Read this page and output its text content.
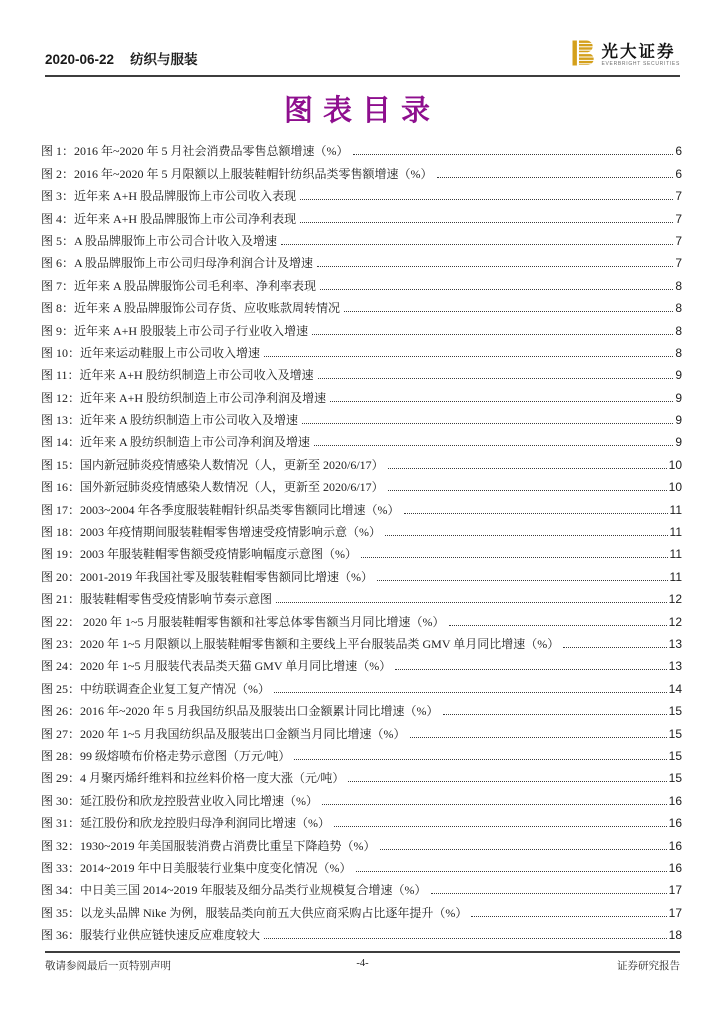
2020-06-22 纺织与服装	光大证券
EVERBRIGHT SECURITIES
图表目录
图 1：2016 年~2020 年 5 月社会消费品零售总额增速（%）	6
图 2：2016 年~2020 年 5 月限额以上服装鞋帽针纺织品类零售额增速（%）	6
图 3：近年来 A+H 股品牌服饰上市公司收入表现	7
图 4：近年来 A+H 股品牌服饰上市公司净利表现	7
图 5：A 股品牌服饰上市公司合计收入及增速	7
图 6：A 股品牌服饰上市公司归母净利润合计及增速	7
图 7：近年来 A 股品牌服饰公司毛利率、净利率表现	8
图 8：近年来 A 股品牌服饰公司存货、应收账款周转情况	8
图 9：近年来 A+H 股服装上市公司子行业收入增速	8
图 10：近年来运动鞋服上市公司收入增速	8
图 11：近年来 A+H 股纺织制造上市公司收入及增速	9
图 12：近年来 A+H 股纺织制造上市公司净利润及增速	9
图 13：近年来 A 股纺织制造上市公司收入及增速	9
图 14：近年来 A 股纺织制造上市公司净利润及增速	9
图 15：国内新冠肺炎疫情感染人数情况（人，更新至 2020/6/17）	10
图 16：国外新冠肺炎疫情感染人数情况（人，更新至 2020/6/17）	10
图 17：2003~2004 年各季度服装鞋帽针织品类零售额同比增速（%）	11
图 18：2003 年疫情期间服装鞋帽零售增速受疫情影响示意（%）	11
图 19：2003 年服装鞋帽零售额受疫情影响幅度示意图（%）	11
图 20：2001-2019 年我国社零及服装鞋帽零售额同比增速（%）	11
图 21：服装鞋帽零售受疫情影响节奏示意图	12
图 22： 2020 年 1~5 月服装鞋帽零售额和社零总体零售额当月同比增速（%）	12
图 23：2020 年 1~5 月限额以上服装鞋帽零售额和主要线上平台服装品类 GMV 单月同比增速（%）	13
图 24：2020 年 1~5 月服装代表品类天猫 GMV 单月同比增速（%）	13
图 25：中纺联调查企业复工复产情况（%）	14
图 26：2016 年~2020 年 5 月我国纺织品及服装出口金额累计同比增速（%）	15
图 27：2020 年 1~5 月我国纺织品及服装出口金额当月同比增速（%）	15
图 28：99 级熔喷布价格走势示意图（万元/吨）	15
图 29：4 月聚丙烯纤维料和拉丝料价格一度大涨（元/吨）	15
图 30：延江股份和欣龙控股营业收入同比增速（%）	16
图 31：延江股份和欣龙控股归母净利润同比增速（%）	16
图 32：1930~2019 年美国服装消费占消费比重呈下降趋势（%）	16
图 33：2014~2019 年中日美服装行业集中度变化情况（%）	16
图 34：中日美三国 2014~2019 年服装及细分品类行业规模复合增速（%）	17
图 35：以龙头品牌 Nike 为例，服装品类向前五大供应商采购占比逐年提升（%）	17
图 36：服装行业供应链快速反应难度较大	18
敬请参阅最后一页特别声明	-4-	证券研究报告
